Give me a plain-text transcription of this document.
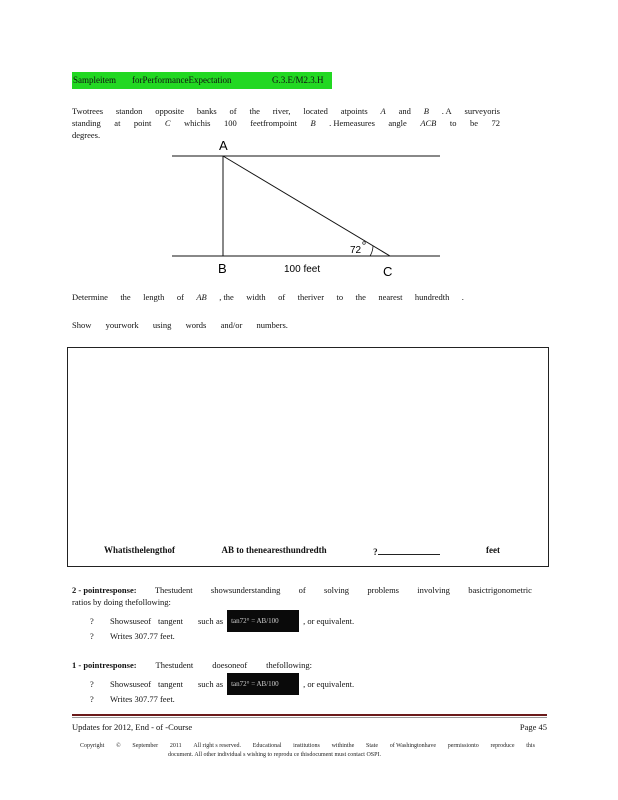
Sampleitem forPerformanceExpectation	G.3.E/M2.3.H
Twotrees standon opposite banks of the river, located atpoints A and B . A surveyoris
standing at point C whichis 100 feetfrompoint B . Hemeasures angle ACB to be 72
degrees.
A
B	C
100 feet
72
Determine the length of AB , the width of theriver to the nearest hundredth .
Show yourwork using words and/or numbers.
Whatisthelengthof	AB to thenearesthundredth	?	feet
2 - pointresponse: Thestudent showsunderstanding of solving problems involving basictrigonometric
ratios by doing thefollowing:
?	Showsuseof tangent	such as tan72° = AB/100	, or equivalent.
?	Writes 307.77 feet.
1 - pointresponse: Thestudent doesoneof thefollowing:
?	Showsuseof tangent	such as tan72° = AB/100	, or equivalent.
?	Writes 307.77 feet.
Updates for 2012, End - of -Course	Page 45
Copyright © September 2011 All right s reserved. Educational institutions withinthe State of Washingtonhave permissionto reproduce this
document. All other individual s wishing to reprodu ce thisdocument must contact OSPI.
